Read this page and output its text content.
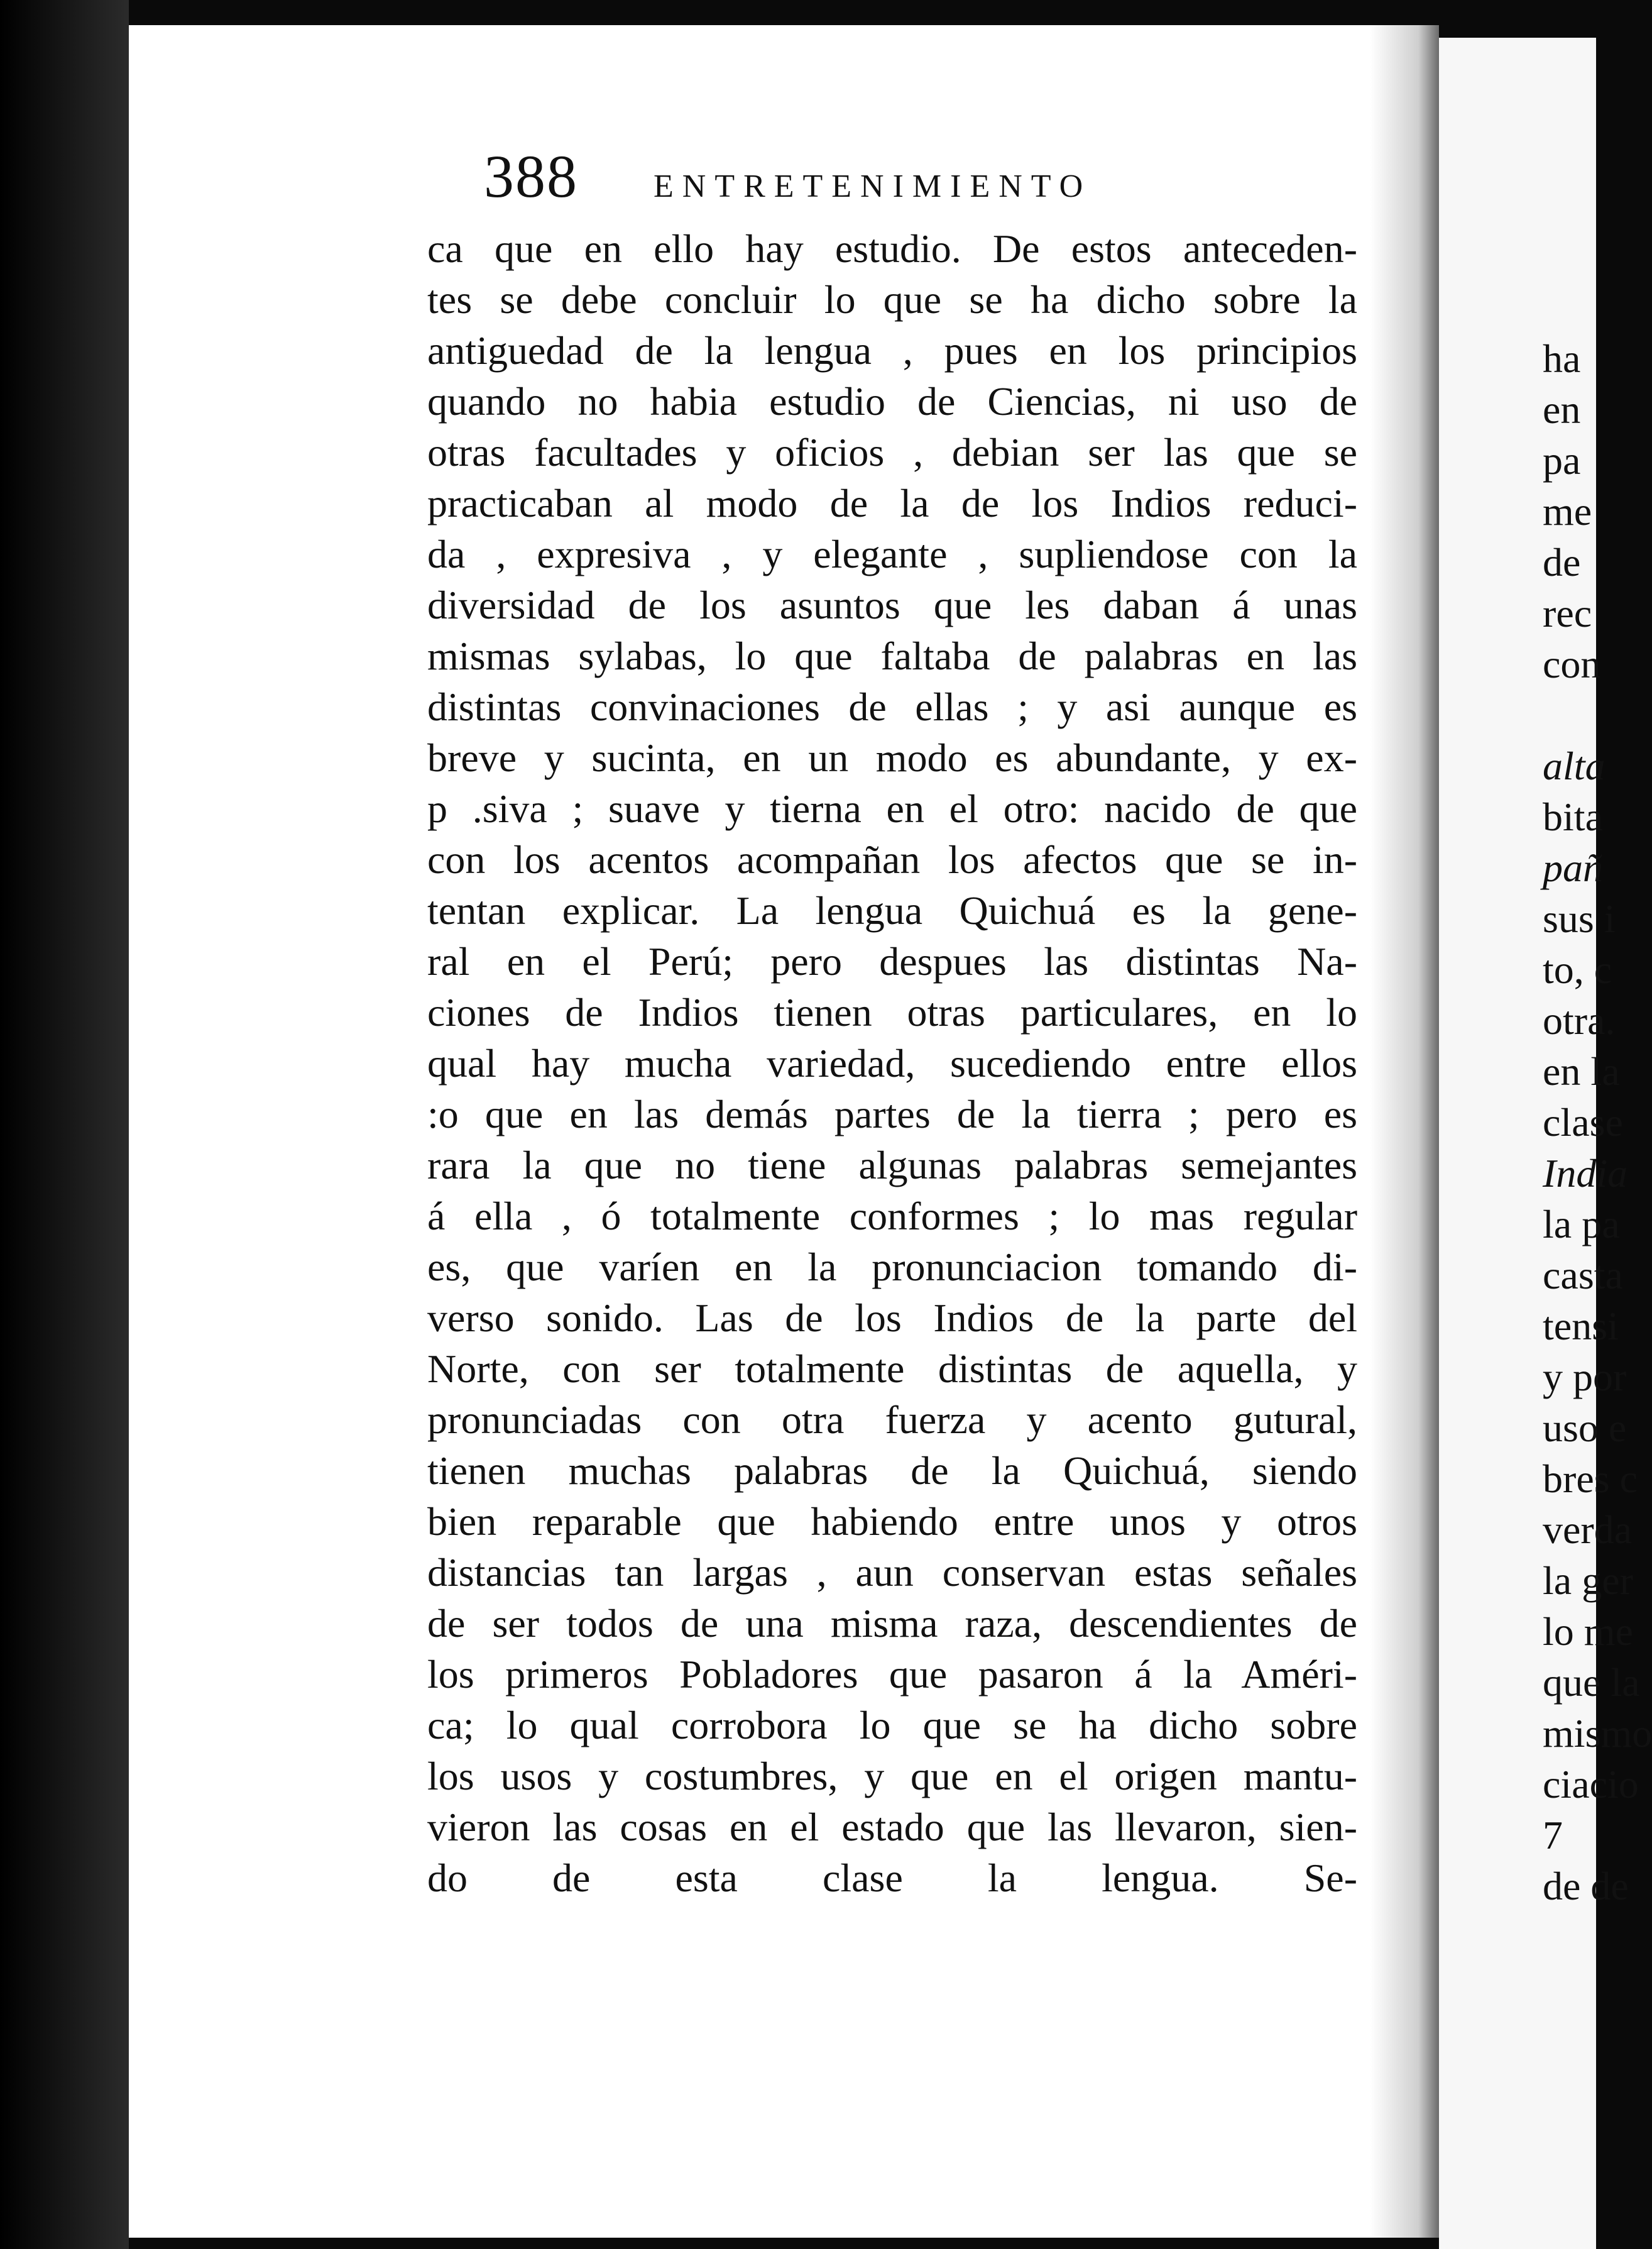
388 ENTRETENIMIENTO
ca que en ello hay estudio. De estos anteceden-
tes se debe concluir lo que se ha dicho sobre la
antiguedad de la lengua , pues en los principios
quando no habia estudio de Ciencias, ni uso de
otras facultades y oficios , debian ser las que se
practicaban al modo de la de los Indios reduci-
da , expresiva , y elegante , supliendose con la
diversidad de los asuntos que les daban á unas
mismas sylabas, lo que faltaba de palabras en las
distintas convinaciones de ellas ; y asi aunque es
breve y sucinta, en un modo es abundante, y ex-
p .siva ; suave y tierna en el otro: nacido de que
con los acentos acompañan los afectos que se in-
tentan explicar. La lengua Quichuá es la gene-
ral en el Perú; pero despues las distintas Na-
ciones de Indios tienen otras particulares, en lo
qual hay mucha variedad, sucediendo entre ellos
:o que en las demás partes de la tierra ; pero es
rara la que no tiene algunas palabras semejantes
á ella , ó totalmente conformes ; lo mas regular
es, que varíen en la pronunciacion tomando di-
verso sonido. Las de los Indios de la parte del
Norte, con ser totalmente distintas de aquella, y
pronunciadas con otra fuerza y acento gutural,
tienen muchas palabras de la Quichuá, siendo
bien reparable que habiendo entre unos y otros
distancias tan largas , aun conservan estas señales
de ser todos de una misma raza, descendientes de
los primeros Pobladores que pasaron á la Améri-
ca; lo qual corrobora lo que se ha dicho sobre
los usos y costumbres, y que en el origen mantu-
vieron las cosas en el estado que las llevaron, sien-
do de esta clase la lengua. Se-
ha
en
pa
me
de
rec
con
alta
bita
pañ
sus i
to, c
otra.
en la
clase
India
la pa
casta
tensi
y por
uso e
bres c
verda
la ger
lo me
que la
mismo
ciacio
7
de de
